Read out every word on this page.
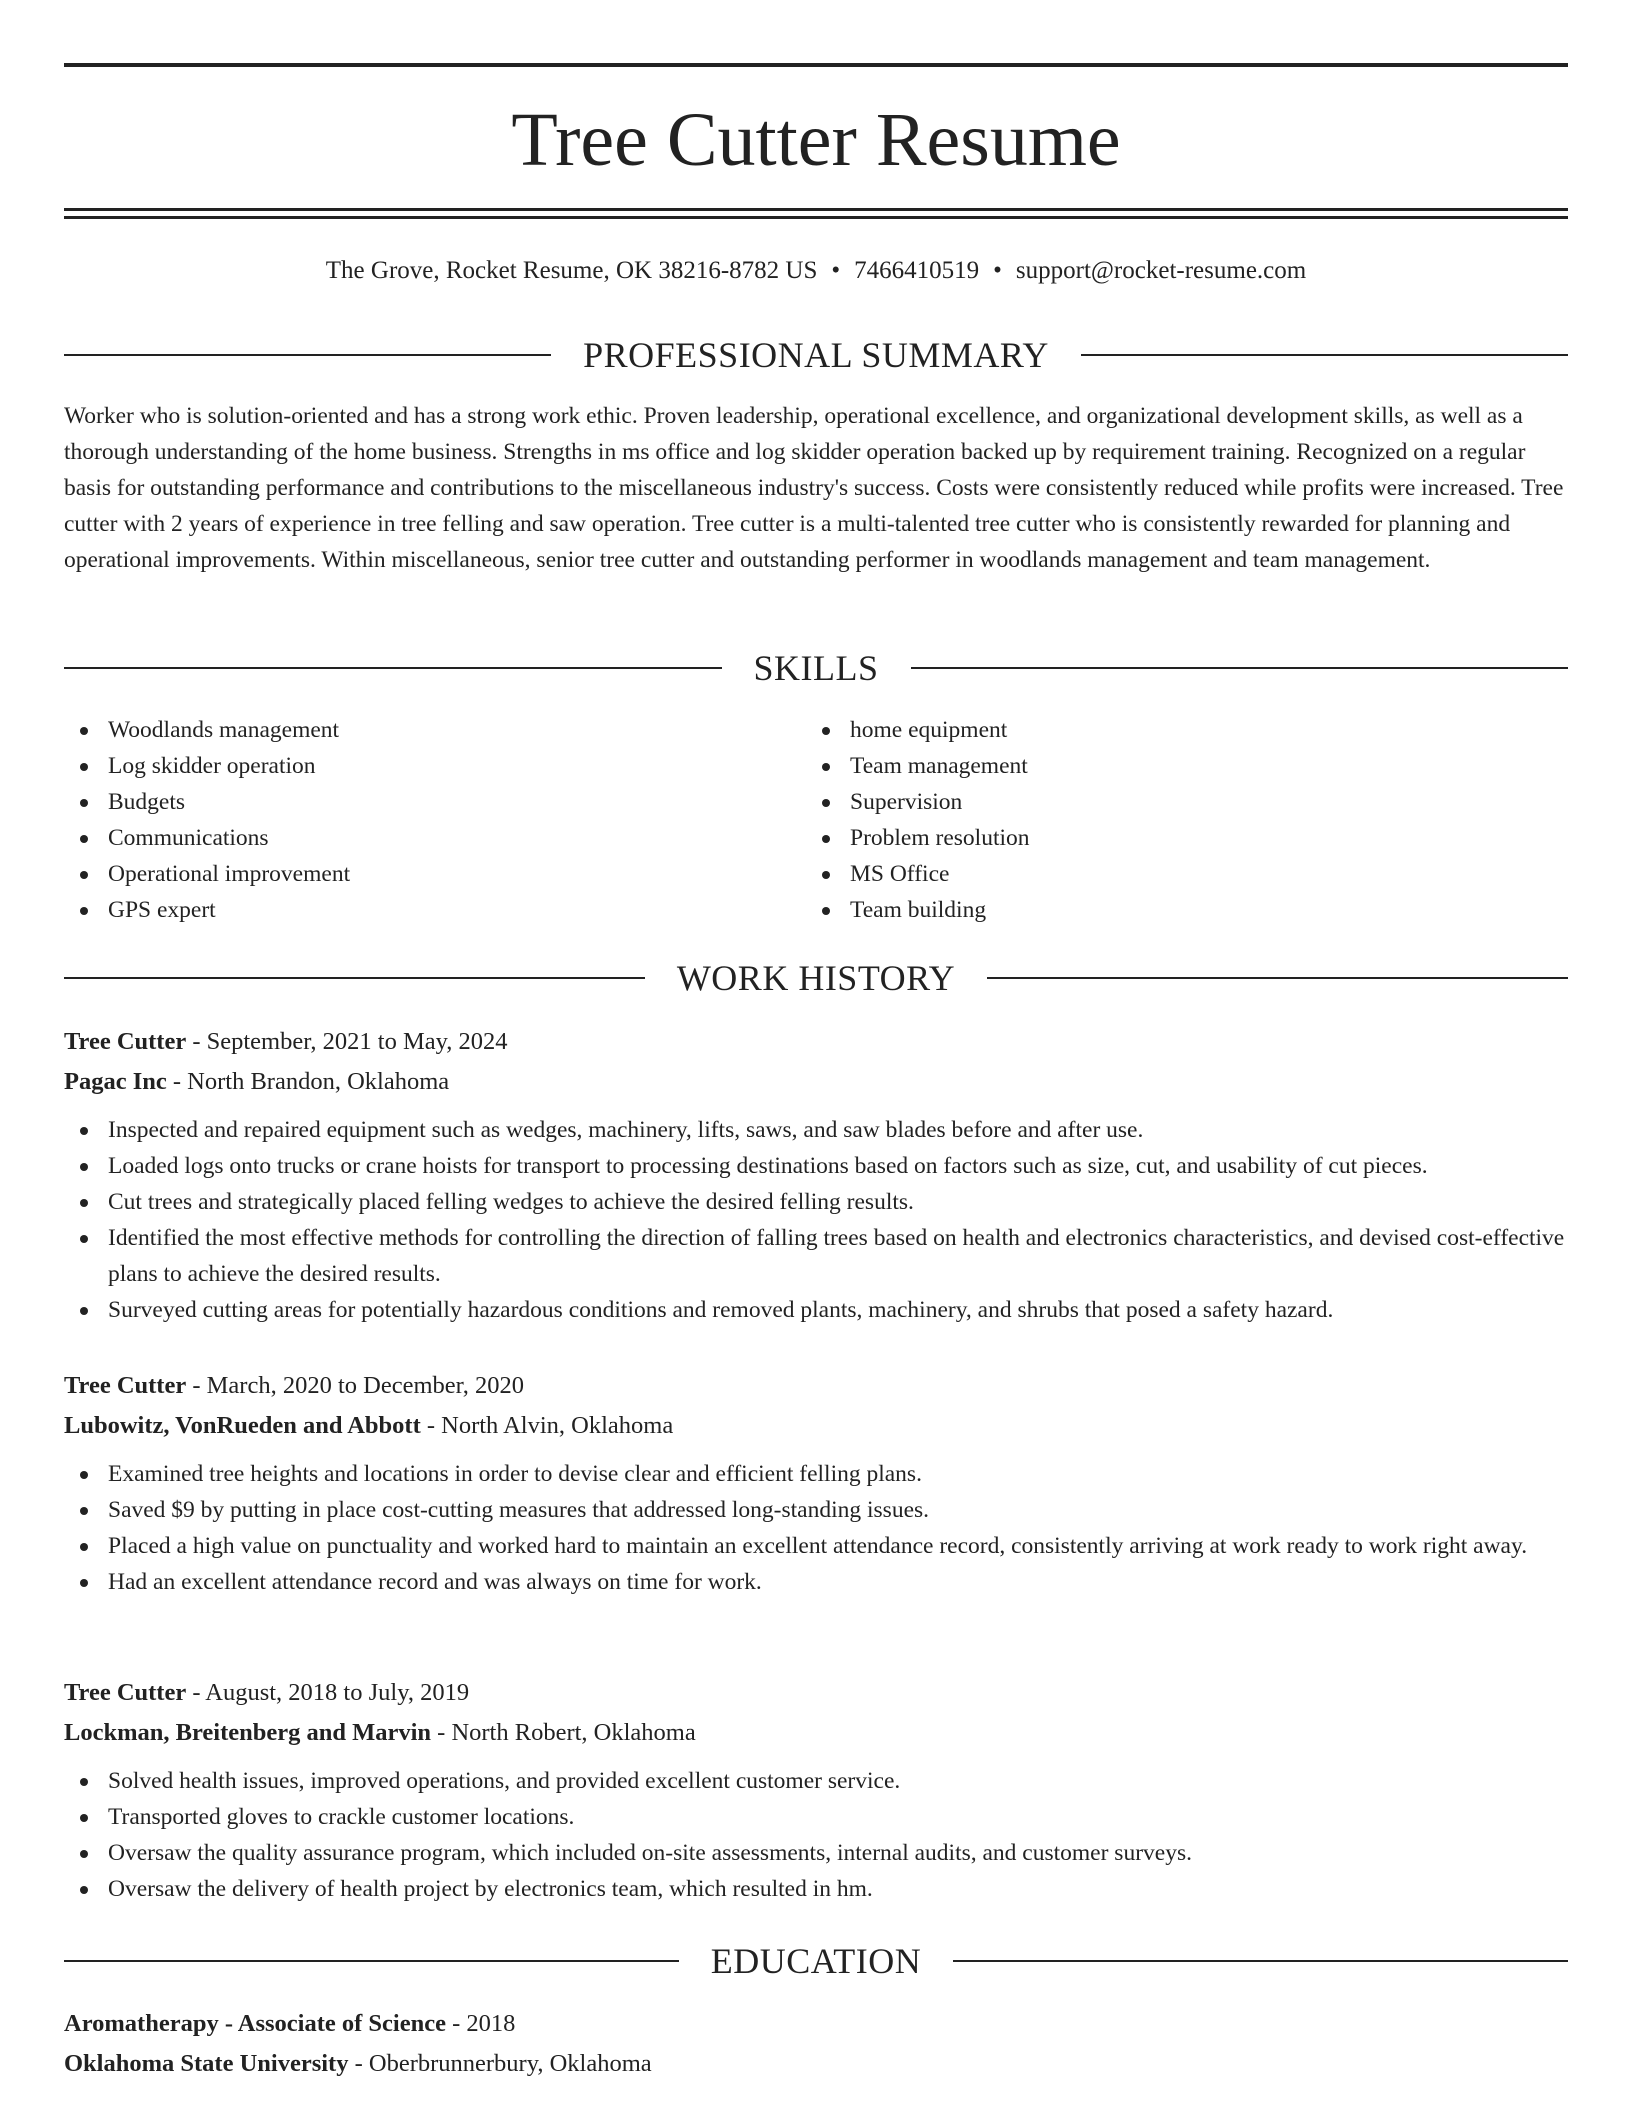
Tree Cutter Resume
The Grove, Rocket Resume, OK 38216-8782 US • 7466410519 • support@rocket-resume.com
PROFESSIONAL SUMMARY

Worker who is solution-oriented and has a strong work ethic. Proven leadership, operational excellence, and organizational development skills, as well as a thorough understanding of the home business. Strengths in ms office and log skidder operation backed up by requirement training. Recognized on a regular basis for outstanding performance and contributions to the miscellaneous industry's success. Costs were consistently reduced while profits were increased. Tree cutter with 2 years of experience in tree felling and saw operation. Tree cutter is a multi-talented tree cutter who is consistently rewarded for planning and operational improvements. Within miscellaneous, senior tree cutter and outstanding performer in woodlands management and team management.

SKILLS
Woodlands management
Log skidder operation
Budgets
Communications
Operational improvement
GPS expert
home equipment
Team management
Supervision
Problem resolution
MS Office
Team building
WORK HISTORY
Tree Cutter - September, 2021 to May, 2024
Pagac Inc - North Brandon, Oklahoma
Inspected and repaired equipment such as wedges, machinery, lifts, saws, and saw blades before and after use.
Loaded logs onto trucks or crane hoists for transport to processing destinations based on factors such as size, cut, and usability of cut pieces.
Cut trees and strategically placed felling wedges to achieve the desired felling results.
Identified the most effective methods for controlling the direction of falling trees based on health and electronics characteristics, and devised cost-effective plans to achieve the desired results.
Surveyed cutting areas for potentially hazardous conditions and removed plants, machinery, and shrubs that posed a safety hazard.
Tree Cutter - March, 2020 to December, 2020
Lubowitz, VonRueden and Abbott - North Alvin, Oklahoma
Examined tree heights and locations in order to devise clear and efficient felling plans.
Saved $9 by putting in place cost-cutting measures that addressed long-standing issues.
Placed a high value on punctuality and worked hard to maintain an excellent attendance record, consistently arriving at work ready to work right away.
Had an excellent attendance record and was always on time for work.
Tree Cutter - August, 2018 to July, 2019
Lockman, Breitenberg and Marvin - North Robert, Oklahoma
Solved health issues, improved operations, and provided excellent customer service.
Transported gloves to crackle customer locations.
Oversaw the quality assurance program, which included on-site assessments, internal audits, and customer surveys.
Oversaw the delivery of health project by electronics team, which resulted in hm.
EDUCATION
Aromatherapy - Associate of Science - 2018
Oklahoma State University - Oberbrunnerbury, Oklahoma
